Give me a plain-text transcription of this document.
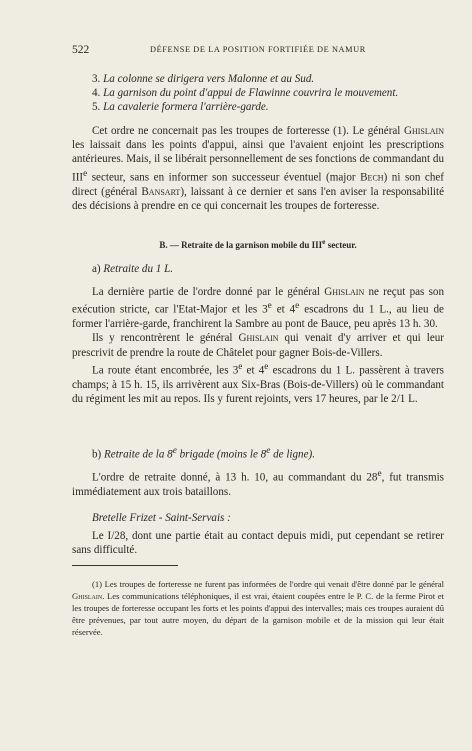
522	DÉFENSE DE LA POSITION FORTIFIÉE DE NAMUR

3. La colonne se dirigera vers Malonne et au Sud.

4. La garnison du point d'appui de Flawinne couvrira le mouvement.

5. La cavalerie formera l'arrière-garde.

Cet ordre ne concernait pas les troupes de forteresse (1). Le général Ghislain les laissait dans les points d'appui, ainsi que l'avaient enjoint les prescriptions antérieures. Mais, il se libérait personnellement de ses fonctions de commandant du IIIe secteur, sans en informer son successeur éventuel (major Bech) ni son chef direct (général Bansart), laissant à ce dernier et sans l'en aviser la responsabilité des décisions à prendre en ce qui concernait les troupes de forteresse.

B. — Retraite de la garnison mobile du IIIe secteur.
a) Retraite du 1 L.

La dernière partie de l'ordre donné par le général Ghislain ne reçut pas son exécution stricte, car l'Etat-Major et les 3e et 4e escadrons du 1 L., au lieu de former l'arrière-garde, franchirent la Sambre au pont de Bauce, peu après 13 h. 30.

Ils y rencontrèrent le général Ghislain qui venait d'y arriver et qui leur prescrivit de prendre la route de Châtelet pour gagner Bois-de-Villers.

La route étant encombrée, les 3e et 4e escadrons du 1 L. passèrent à travers champs; à 15 h. 15, ils arrivèrent aux Six-Bras (Bois-de-Villers) où le commandant du régiment les mit au repos. Ils y furent rejoints, vers 17 heures, par le 2/1 L.

b) Retraite de la 8e brigade (moins le 8e de ligne).

L'ordre de retraite donné, à 13 h. 10, au commandant du 28e, fut transmis immédiatement aux trois bataillons.

Bretelle Frizet - Saint-Servais :

Le I/28, dont une partie était au contact depuis midi, put cependant se retirer sans difficulté.

(1) Les troupes de forteresse ne furent pas informées de l'ordre qui venait d'être donné par le général Ghislain. Les communications téléphoniques, il est vrai, étaient coupées entre le P. C. de la ferme Pirot et les troupes de forteresse occupant les forts et les points d'appui des intervalles; mais ces troupes auraient dû être prévenues, par tout autre moyen, du départ de la garnison mobile et de la mission qui leur était réservée.
